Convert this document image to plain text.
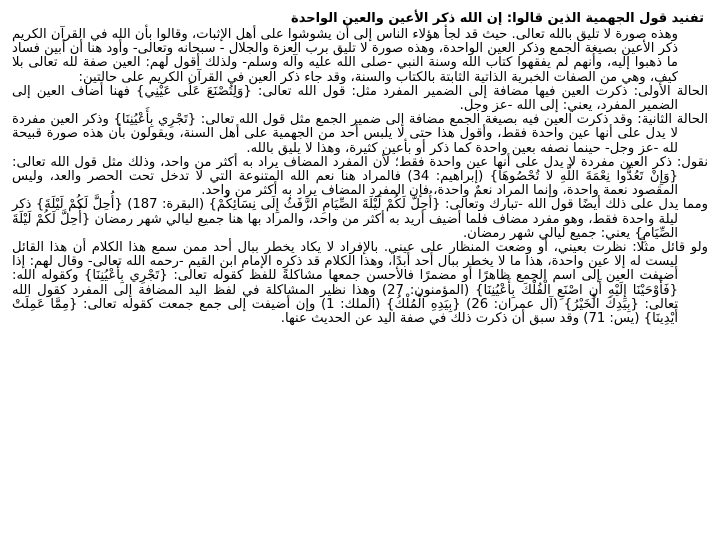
تفنيد قول الجهمية الذين قالوا: إن الله ذكر الأعين والعين الواحدة

وهذه صورة لا تليق بالله تعالى. حيث قد لجأ هؤلاء الناس إلى أن يشوشوا على أهل الإثبات، وقالوا بأن الله في القرآن الكريم ذكر الأعين بصيغة الجمع وذكر العين الواحدة، وهذه صورة لا تليق برب العزة والجلال - سبحانه وتعالى- وأود هنا أن أبين فساد ما ذهبوا إليه، وأنهم لم يفقهوا كتاب الله وسنة النبي -صلى الله عليه وآله وسلم- ولذلك أقول لهم: العين صفة لله تعالى بلا كيف، وهي من الصفات الخبرية الذاتية الثابتة بالكتاب والسنة، وقد جاء ذكر العين في القرآن الكريم على حالتين:

الحالة الأولى: ذكرت العين فيها مضافة إلى الضمير المفرد مثل: قول الله تعالى: {وَلِتُصْنَعَ عَلَى عَيْنِي} فهنا أضاف العين إلى الضمير المفرد، يعني: إلى الله -عز وجل.

الحالة الثانية: وقد ذكرت العين فيه بصيغة الجمع مضافة إلى ضمير الجمع مثل قول الله تعالى: {تَجْرِي بِأَعْيُنِنَا} وذكر العين مفردة لا يدل على أنها عين واحدة فقط، وأقول هذا حتى لا يلبس أحد من الجهمية على أهل السنة، ويقولون بأن هذه صورة قبيحة لله -عز وجل- حينما نصفه بعين واحدة كما ذكر أو بأعين كثيرة، وهذا لا يليق بالله.

نقول: ذكر العين مفردة لا يدل على أنها عين واحدة فقط؛ لأن المفرد المضاف يراد به أكثر من واحد، وذلك مثل قول الله تعالى: {وَإِنْ تَعُدُّوا نِعْمَةَ اللَّهِ لا تُحْصُوهَا} (إبراهيم: 34) فالمراد هنا نعم الله المتنوعة التي لا تدخل تحت الحصر والعد، وليس المقصود نعمة واحدة، وإنما المراد نعمٌ واحدة، فإن المفرد المضاف يراد به أكثر من واحد.

ومما يدل على ذلك أيضًا قول الله -تبارك وتعالى: {أُحِلَّ لَكُمْ لَيْلَةَ الصِّيَامِ الرَّفَثُ إِلَى نِسَائِكُمْ} (البقرة: 187) {أُحِلَّ لَكُمْ لَيْلَةَ} ذكر ليلة واحدة فقط، وهو مفرد مضاف فلما أضيف أريد به أكثر من واحد، والمراد بها هنا جميع ليالي شهر رمضان {أُحِلَّ لَكُمْ لَيْلَةَ الصِّيَامِ} يعني: جميع ليالي شهر رمضان.

ولو قائل مثلًا: نظرت بعيني، أو وضعت المنظار على عيني. بالإفراد لا يكاد يخطر ببال أحد ممن سمع هذا الكلام أن هذا القائل ليست له إلا عين واحدة، هذا ما لا يخطر ببال أحد أبدًا، وهذا الكلام قد ذكره الإمام ابن القيم -رحمه الله تعالى- وقال لهم: إذا أضيفت العين إلى اسم الجمع ظاهرًا أو مضمرًا فالأحسن جمعها مشاكلةً للفظ كقوله تعالى: {تَجْرِي بِأَعْيُنِنَا} وكقوله الله: {فَأَوْحَيْنَا إِلَيْهِ أَنِ اصْنَعِ الْفُلْكَ بِأَعْيُنِنَا} (المؤمنون: 27) وهذا نظير المشاكلة في لفظ اليد المضافة إلى المفرد كقول الله تعالى: {بِيَدِكَ الْخَيْرُ} (آل عمران: 26) {بِيَدِهِ الْمُلْكُ} (الملك: 1) وإن أضيفت إلى جمع جمعت كقوله تعالى: {مِمَّا عَمِلَتْ أَيْدِينَا} (يس: 71) وقد سبق أن ذكرت ذلك في صفة اليد عن الحديث عنها.
